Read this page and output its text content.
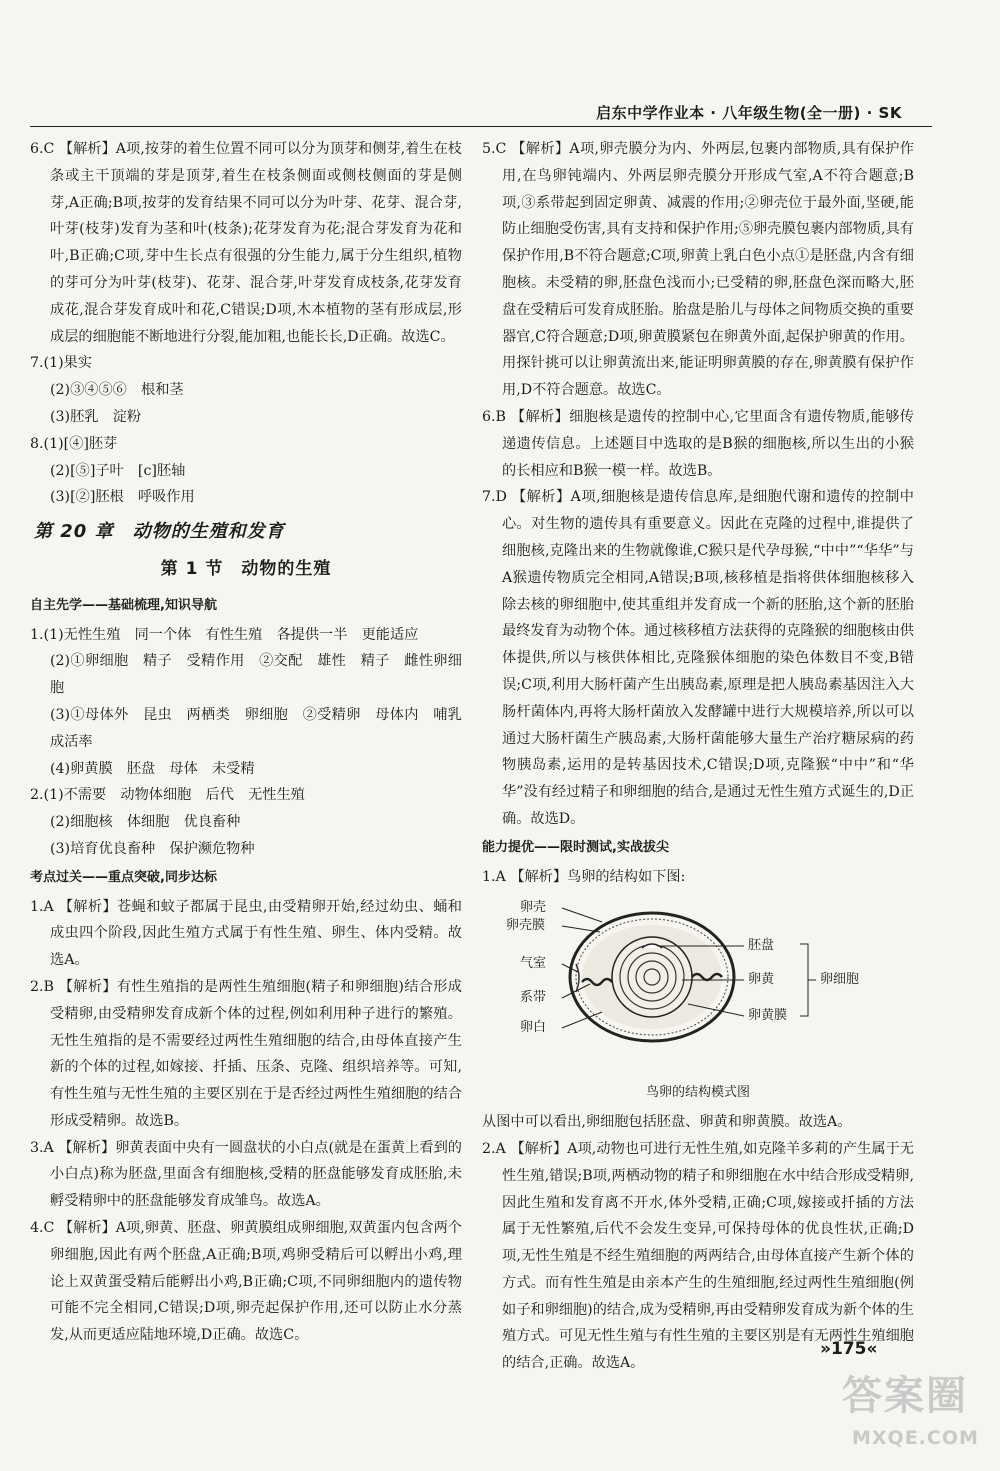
启东中学作业本 · 八年级生物(全一册) · SK

6.C 【解析】A项,按芽的着生位置不同可以分为顶芽和侧芽,着生在枝条或主干顶端的芽是顶芽,着生在枝条侧面或侧枝侧面的芽是侧芽,A正确;B项,按芽的发育结果不同可以分为叶芽、花芽、混合芽,叶芽(枝芽)发育为茎和叶(枝条);花芽发育为花;混合芽发育为花和叶,B正确;C项,芽中生长点有很强的分生能力,属于分生组织,植物的芽可分为叶芽(枝芽)、花芽、混合芽,叶芽发育成枝条,花芽发育成花,混合芽发育成叶和花,C错误;D项,木本植物的茎有形成层,形成层的细胞能不断地进行分裂,能加粗,也能长长,D正确。故选C。

7.(1)果实

(2)③④⑤⑥　根和茎

(3)胚乳　淀粉

8.(1)[④]胚芽

(2)[⑤]子叶　[c]胚轴

(3)[②]胚根　呼吸作用

第 20 章　动物的生殖和发育
第 1 节　动物的生殖
自主先学——基础梳理,知识导航

1.(1)无性生殖　同一个体　有性生殖　各提供一半　更能适应

(2)①卵细胞　精子　受精作用　②交配　雄性　精子　雌性卵细胞

(3)①母体外　昆虫　两栖类　卵细胞　②受精卵　母体内　哺乳　成活率

(4)卵黄膜　胚盘　母体　未受精

2.(1)不需要　动物体细胞　后代　无性生殖

(2)细胞核　体细胞　优良畜种

(3)培育优良畜种　保护濒危物种

考点过关——重点突破,同步达标

1.A 【解析】苍蝇和蚊子都属于昆虫,由受精卵开始,经过幼虫、蛹和成虫四个阶段,因此生殖方式属于有性生殖、卵生、体内受精。故选A。

2.B 【解析】有性生殖指的是两性生殖细胞(精子和卵细胞)结合形成受精卵,由受精卵发育成新个体的过程,例如利用种子进行的繁殖。无性生殖指的是不需要经过两性生殖细胞的结合,由母体直接产生新的个体的过程,如嫁接、扦插、压条、克隆、组织培养等。可知,有性生殖与无性生殖的主要区别在于是否经过两性生殖细胞的结合形成受精卵。故选B。

3.A 【解析】卵黄表面中央有一圆盘状的小白点(就是在蛋黄上看到的小白点)称为胚盘,里面含有细胞核,受精的胚盘能够发育成胚胎,未孵受精卵中的胚盘能够发育成雏鸟。故选A。

4.C 【解析】A项,卵黄、胚盘、卵黄膜组成卵细胞,双黄蛋内包含两个卵细胞,因此有两个胚盘,A正确;B项,鸡卵受精后可以孵出小鸡,理论上双黄蛋受精后能孵出小鸡,B正确;C项,不同卵细胞内的遗传物可能不完全相同,C错误;D项,卵壳起保护作用,还可以防止水分蒸发,从而更适应陆地环境,D正确。故选C。

5.C 【解析】A项,卵壳膜分为内、外两层,包裹内部物质,具有保护作用,在鸟卵钝端内、外两层卵壳膜分开形成气室,A不符合题意;B项,③系带起到固定卵黄、减震的作用;②卵壳位于最外面,坚硬,能防止细胞受伤害,具有支持和保护作用;⑤卵壳膜包裹内部物质,具有保护作用,B不符合题意;C项,卵黄上乳白色小点①是胚盘,内含有细胞核。未受精的卵,胚盘色浅而小;已受精的卵,胚盘色深而略大,胚盘在受精后可发育成胚胎。胎盘是胎儿与母体之间物质交换的重要器官,C符合题意;D项,卵黄膜紧包在卵黄外面,起保护卵黄的作用。用探针挑可以让卵黄流出来,能证明卵黄膜的存在,卵黄膜有保护作用,D不符合题意。故选C。

6.B 【解析】细胞核是遗传的控制中心,它里面含有遗传物质,能够传递遗传信息。上述题目中选取的是B猴的细胞核,所以生出的小猴的长相应和B猴一模一样。故选B。

7.D 【解析】A项,细胞核是遗传信息库,是细胞代谢和遗传的控制中心。对生物的遗传具有重要意义。因此在克隆的过程中,谁提供了细胞核,克隆出来的生物就像谁,C猴只是代孕母猴,“中中”“华华”与A猴遗传物质完全相同,A错误;B项,核移植是指将供体细胞核移入除去核的卵细胞中,使其重组并发育成一个新的胚胎,这个新的胚胎最终发育为动物个体。通过核移植方法获得的克隆猴的细胞核由供体提供,所以与核供体相比,克隆猴体细胞的染色体数目不变,B错误;C项,利用大肠杆菌产生出胰岛素,原理是把人胰岛素基因注入大肠杆菌体内,再将大肠杆菌放入发酵罐中进行大规模培养,所以可以通过大肠杆菌生产胰岛素,大肠杆菌能够大量生产治疗糖尿病的药物胰岛素,运用的是转基因技术,C错误;D项,克隆猴“中中”和“华华”没有经过精子和卵细胞的结合,是通过无性生殖方式诞生的,D正确。故选D。

能力提优——限时测试,实战拔尖

1.A 【解析】鸟卵的结构如下图:

卵壳
卵壳膜
气室
系带
卵白
胚盘
卵黄
卵黄膜
卵细胞
鸟卵的结构模式图

从图中可以看出,卵细胞包括胚盘、卵黄和卵黄膜。故选A。

2.A 【解析】A项,动物也可进行无性生殖,如克隆羊多莉的产生属于无性生殖,错误;B项,两栖动物的精子和卵细胞在水中结合形成受精卵,因此生殖和发育离不开水,体外受精,正确;C项,嫁接或扦插的方法属于无性繁殖,后代不会发生变异,可保持母体的优良性状,正确;D项,无性生殖是不经生殖细胞的两两结合,由母体直接产生新个体的方式。而有性生殖是由亲本产生的生殖细胞,经过两性生殖细胞(例如子和卵细胞)的结合,成为受精卵,再由受精卵发育成为新个体的生殖方式。可见无性生殖与有性生殖的主要区别是有无两性生殖细胞的结合,正确。故选A。

»175«
答案圈
MXQE.COM
